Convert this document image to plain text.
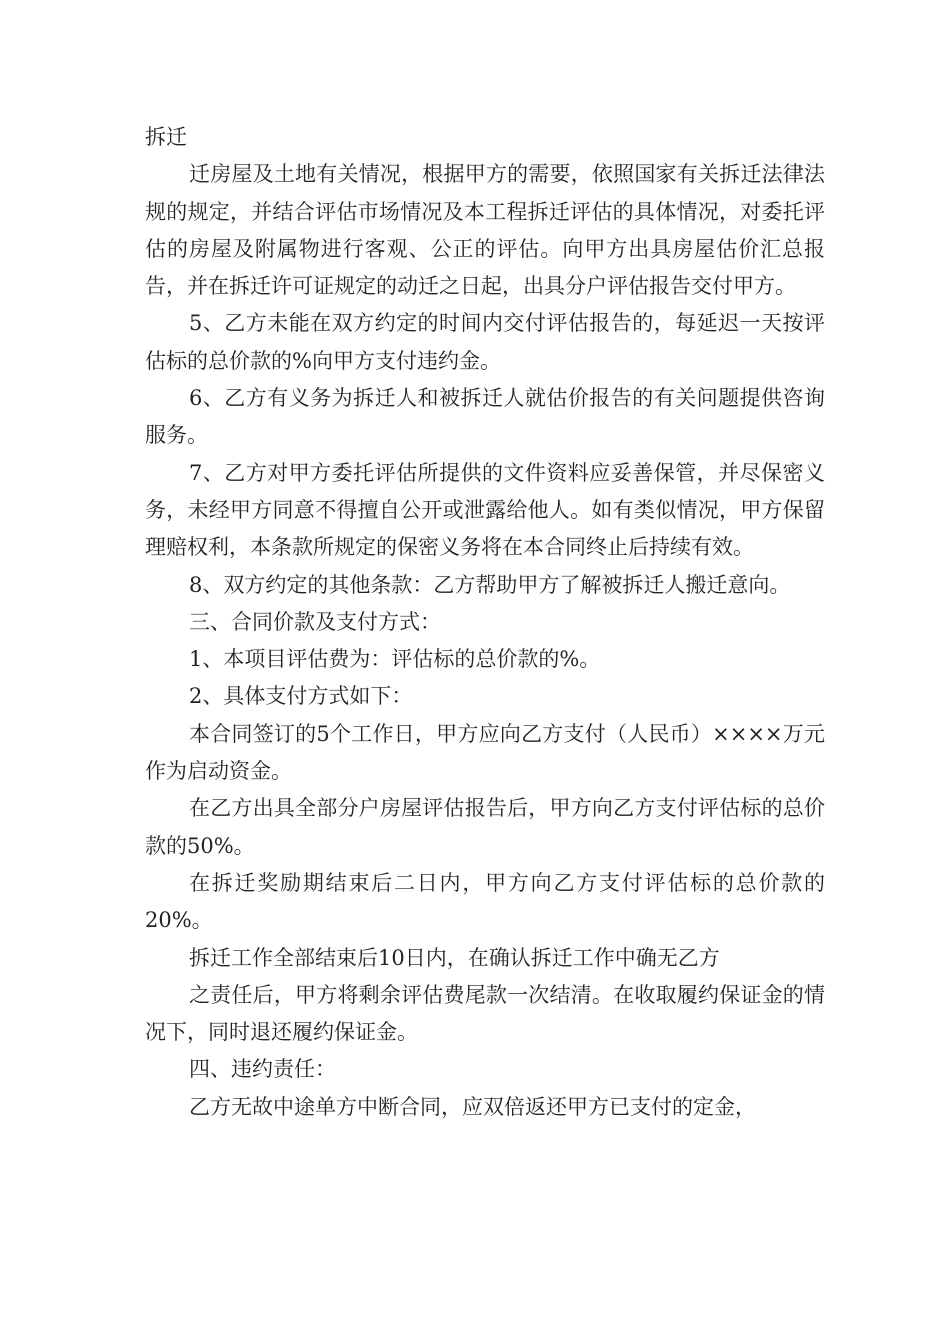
拆迁

迁房屋及土地有关情况，根据甲方的需要，依照国家有关拆迁法律法规的规定，并结合评估市场情况及本工程拆迁评估的具体情况，对委托评估的房屋及附属物进行客观、公正的评估。向甲方出具房屋估价汇总报告，并在拆迁许可证规定的动迁之日起，出具分户评估报告交付甲方。

5、乙方未能在双方约定的时间内交付评估报告的，每延迟一天按评估标的总价款的%向甲方支付违约金。

6、乙方有义务为拆迁人和被拆迁人就估价报告的有关问题提供咨询服务。

7、乙方对甲方委托评估所提供的文件资料应妥善保管，并尽保密义务，未经甲方同意不得擅自公开或泄露给他人。如有类似情况，甲方保留理赔权利，本条款所规定的保密义务将在本合同终止后持续有效。

8、双方约定的其他条款：乙方帮助甲方了解被拆迁人搬迁意向。

三、合同价款及支付方式：

1、本项目评估费为：评估标的总价款的%。

2、具体支付方式如下：

本合同签订的5个工作日，甲方应向乙方支付（人民币）××××万元作为启动资金。

在乙方出具全部分户房屋评估报告后，甲方向乙方支付评估标的总价款的50%。

在拆迁奖励期结束后二日内，甲方向乙方支付评估标的总价款的20%。

拆迁工作全部结束后10日内，在确认拆迁工作中确无乙方

之责任后，甲方将剩余评估费尾款一次结清。在收取履约保证金的情况下，同时退还履约保证金。

四、违约责任：

乙方无故中途单方中断合同，应双倍返还甲方已支付的定金，
